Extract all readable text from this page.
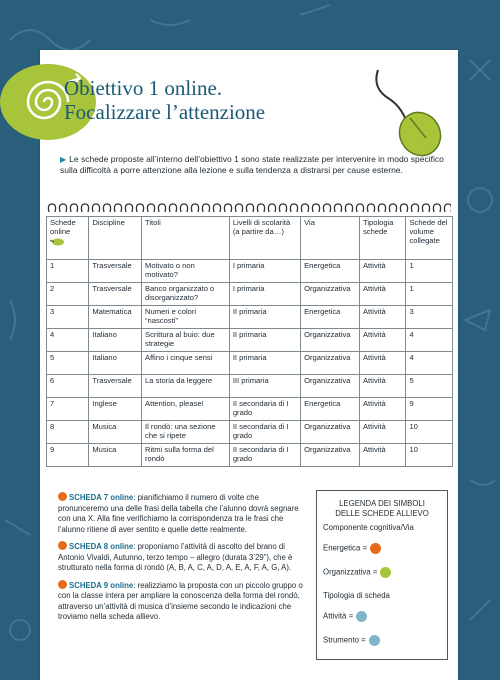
Obiettivo 1 online.
Focalizzare l’attenzione
▶ Le schede proposte all’interno dell’obiettivo 1 sono state realizzate per intervenire in modo specifico sulla difficoltà a porre attenzione alla lezione e sulla tendenza a distrarsi per cause esterne.
Schede online	Discipline	Titoli	Livelli di scolarità (a partire da…)	Via	Tipologia schede	Schede del volume collegate
1	Trasversale	Motivato o non motivato?	I primaria	Energetica	Attività	1
2	Trasversale	Banco organizzato o disorganizzato?	I primaria	Organizzativa	Attività	1
3	Matematica	Numeri e colori “nascosti”	II primaria	Energetica	Attività	3
4	Italiano	Scrittura al buio: due strategie	II primaria	Organizzativa	Attività	4
5	Italiano	Affino i cinque sensi	II primaria	Organizzativa	Attività	4
6	Trasversale	La storia da leggere	III primaria	Organizzativa	Attività	5
7	Inglese	Attention, please!	II secondaria di I grado	Energetica	Attività	9
8	Musica	Il rondò: una sezione che si ripete	II secondaria di I grado	Organizzativa	Attività	10
9	Musica	Ritmi sulla forma del rondò	II secondaria di I grado	Organizzativa	Attività	10

SCHEDA 7 online: pianifichiamo il numero di volte che pronunceremo una delle frasi della tabella che l’alunno dovrà segnare con una X. Alla fine verifichiamo la corrispondenza tra le frasi che l’alunno ritiene di aver sentito e quelle dette realmente.

SCHEDA 8 online: proponiamo l’attività di ascolto del brano di Antonio Vivaldi, Autunno, terzo tempo – allegro (durata 3’29”), che è strutturato nella forma di rondò (A, B, A, C, A, D, A, E, A, F, A, G, A).

SCHEDA 9 online: realizziamo la proposta con un piccolo gruppo o con la classe intera per ampliare la conoscenza della forma del rondò, attraverso un’attività di musica d’insieme secondo le indicazioni che troviamo nella scheda allievo.

LEGENDA DEI SIMBOLI
DELLE SCHEDE ALLIEVO
Componente cognitiva/Via
Energetica =
Organizzativa =
Tipologia di scheda
Attività =
Strumento =
